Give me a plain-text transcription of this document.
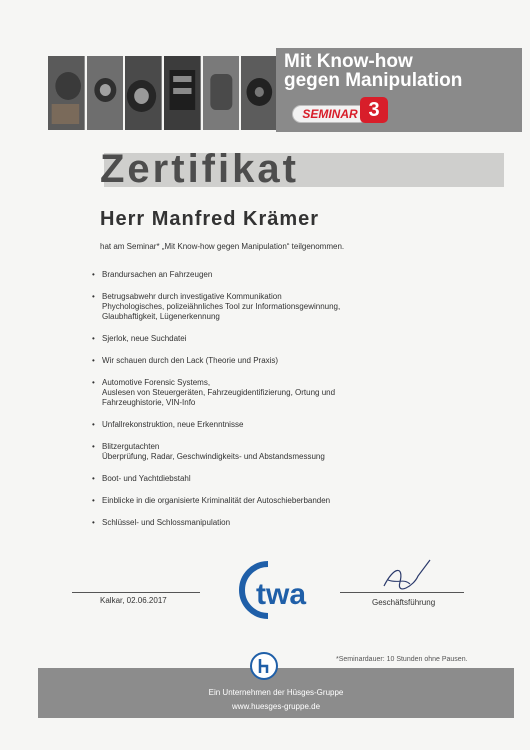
Mit Know-how
gegen Manipulation
SEMINAR 3
Zertifikat
Herr Manfred Krämer
hat am Seminar* „Mit Know-how gegen Manipulation“ teilgenommen.
• Brandursachen an Fahrzeugen
• Betrugsabwehr durch investigative Kommunikation
Phychologisches, polizeiähnliches Tool zur Informationsgewinnung,
Glaubhaftigkeit, Lügenerkennung
• Sjerlok, neue Suchdatei
• Wir schauen durch den Lack (Theorie und Praxis)
• Automotive Forensic Systems,
Auslesen von Steuergeräten, Fahrzeugidentifizierung, Ortung und
Fahrzeughistorie, VIN-Info
• Unfallrekonstruktion, neue Erkenntnisse
• Blitzergutachten
Überprüfung, Radar, Geschwindigkeits- und Abstandsmessung
• Boot- und Yachtdiebstahl
• Einblicke in die organisierte Kriminalität der Autoschieberbanden
• Schlüssel- und Schlossmanipulation
Kalkar, 02.06.2017	twa	Geschäftsführung
*Seminardauer: 10 Stunden ohne Pausen.
Ein Unternehmen der Hüsges-Gruppe
www.huesges-gruppe.de
